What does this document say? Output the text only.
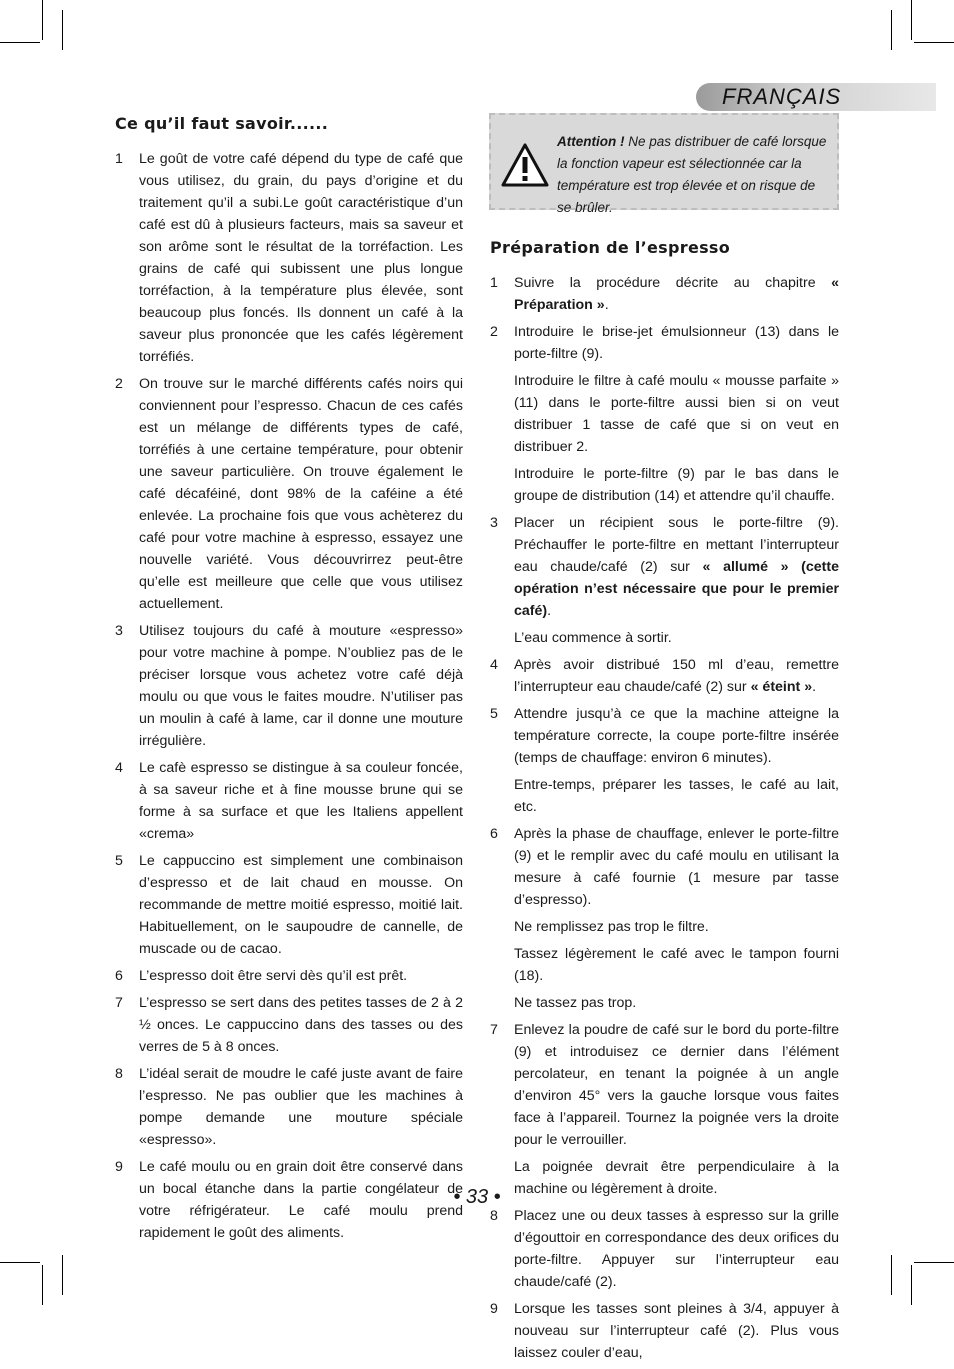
FRANÇAIS
Ce qu’il faut savoir......
1 Le goût de votre café dépend du type de café que vous utilisez, du grain, du pays d’origine et du traitement qu’il a subi.Le goût caractéristique d’un café est dû à plusieurs facteurs, mais sa saveur et son arôme sont le résultat de la torréfaction. Les grains de café qui subissent une plus longue torréfaction, à la température plus élevée, sont beaucoup plus foncés. Ils donnent un café à la saveur plus prononcée que les cafés légèrement torréfiés.
2 On trouve sur le marché différents cafés noirs qui conviennent pour l’espresso. Chacun de ces cafés est un mélange de différents types de café, torréfiés à une certaine température, pour obtenir une saveur particulière. On trouve également le café décaféiné, dont 98% de la caféine a été enlevée. La prochaine fois que vous achèterez du café pour votre machine à espresso, essayez une nouvelle variété. Vous découvrirrez peut-être qu’elle est meilleure que celle que vous utilisez actuellement.
3 Utilisez toujours du café à mouture «espresso» pour votre machine à pompe. N’oubliez pas de le préciser lorsque vous achetez votre café déjà moulu ou que vous le faites moudre. N’utiliser pas un moulin à café à lame, car il donne une mouture irrégulière.
4 Le cafè espresso se distingue à sa couleur foncée, à sa saveur riche et à fine mousse brune qui se forme à sa surface et que les Italiens appellent «crema»
5 Le cappuccino est simplement une combinaison d’espresso et de lait chaud en mousse. On recommande de mettre moitié espresso, moitié lait. Habituellement, on le saupoudre de cannelle, de muscade ou de cacao.
6 L’espresso doit être servi dès qu’il est prêt.
7 L’espresso se sert dans des petites tasses de 2 à 2 ½ onces. Le cappuccino dans des tasses ou des verres de 5 à 8 onces.
8 L’idéal serait de moudre le café juste avant de faire l’espresso. Ne pas oublier que les machines à pompe demande une mouture spéciale «espresso».
9 Le café moulu ou en grain doit être conservé dans un bocal étanche dans la partie congélateur de votre réfrigérateur. Le café moulu prend rapidement le goût des aliments.
Attention ! Ne pas distribuer de café lorsque la fonction vapeur est sélectionnée car la température est trop élevée et on risque de se brûler.
Préparation de l’espresso
1 Suivre la procédure décrite au chapitre « Préparation ».

2 Introduire le brise-jet émulsionneur (13) dans le porte-filtre (9).

Introduire le filtre à café moulu « mousse parfaite » (11) dans le porte-filtre aussi bien si on veut distribuer 1 tasse de café que si on veut en distribuer 2.

Introduire le porte-filtre (9) par le bas dans le groupe de distribution (14) et attendre qu’il chauffe.

3 Placer un récipient sous le porte-filtre (9). Préchauffer le porte-filtre en mettant l’interrupteur eau chaude/café (2) sur « allumé » (cette opération n’est nécessaire que pour le premier café).

L’eau commence à sortir.

4 Après avoir distribué 150 ml d’eau, remettre l’interrupteur eau chaude/café (2) sur « éteint ».

5 Attendre jusqu’à ce que la machine atteigne la température correcte, la coupe porte-filtre insérée (temps de chauffage: environ 6 minutes).

Entre-temps, préparer les tasses, le café au lait, etc.

6 Après la phase de chauffage, enlever le porte-filtre (9) et le remplir avec du café moulu en utilisant la mesure à café fournie (1 mesure par tasse d’espresso).

Ne remplissez pas trop le filtre.

Tassez légèrement le café avec le tampon fourni (18).

Ne tassez pas trop.

7 Enlevez la poudre de café sur le bord du porte-filtre (9) et introduisez ce dernier dans l’élément percolateur, en tenant la poignée à un angle d’environ 45° vers la gauche lorsque vous faites face à l’appareil. Tournez la poignée vers la droite pour le verrouiller.

La poignée devrait être perpendiculaire à la machine ou légèrement à droite.

8 Placez une ou deux tasses à espresso sur la grille d’égouttoir en correspondance des deux orifices du porte-filtre. Appuyer sur l’interrupteur eau chaude/café (2).

9 Lorsque les tasses sont pleines à 3/4, appuyer à nouveau sur l’interrupteur café (2). Plus vous laissez couler d’eau,

• 33 •
